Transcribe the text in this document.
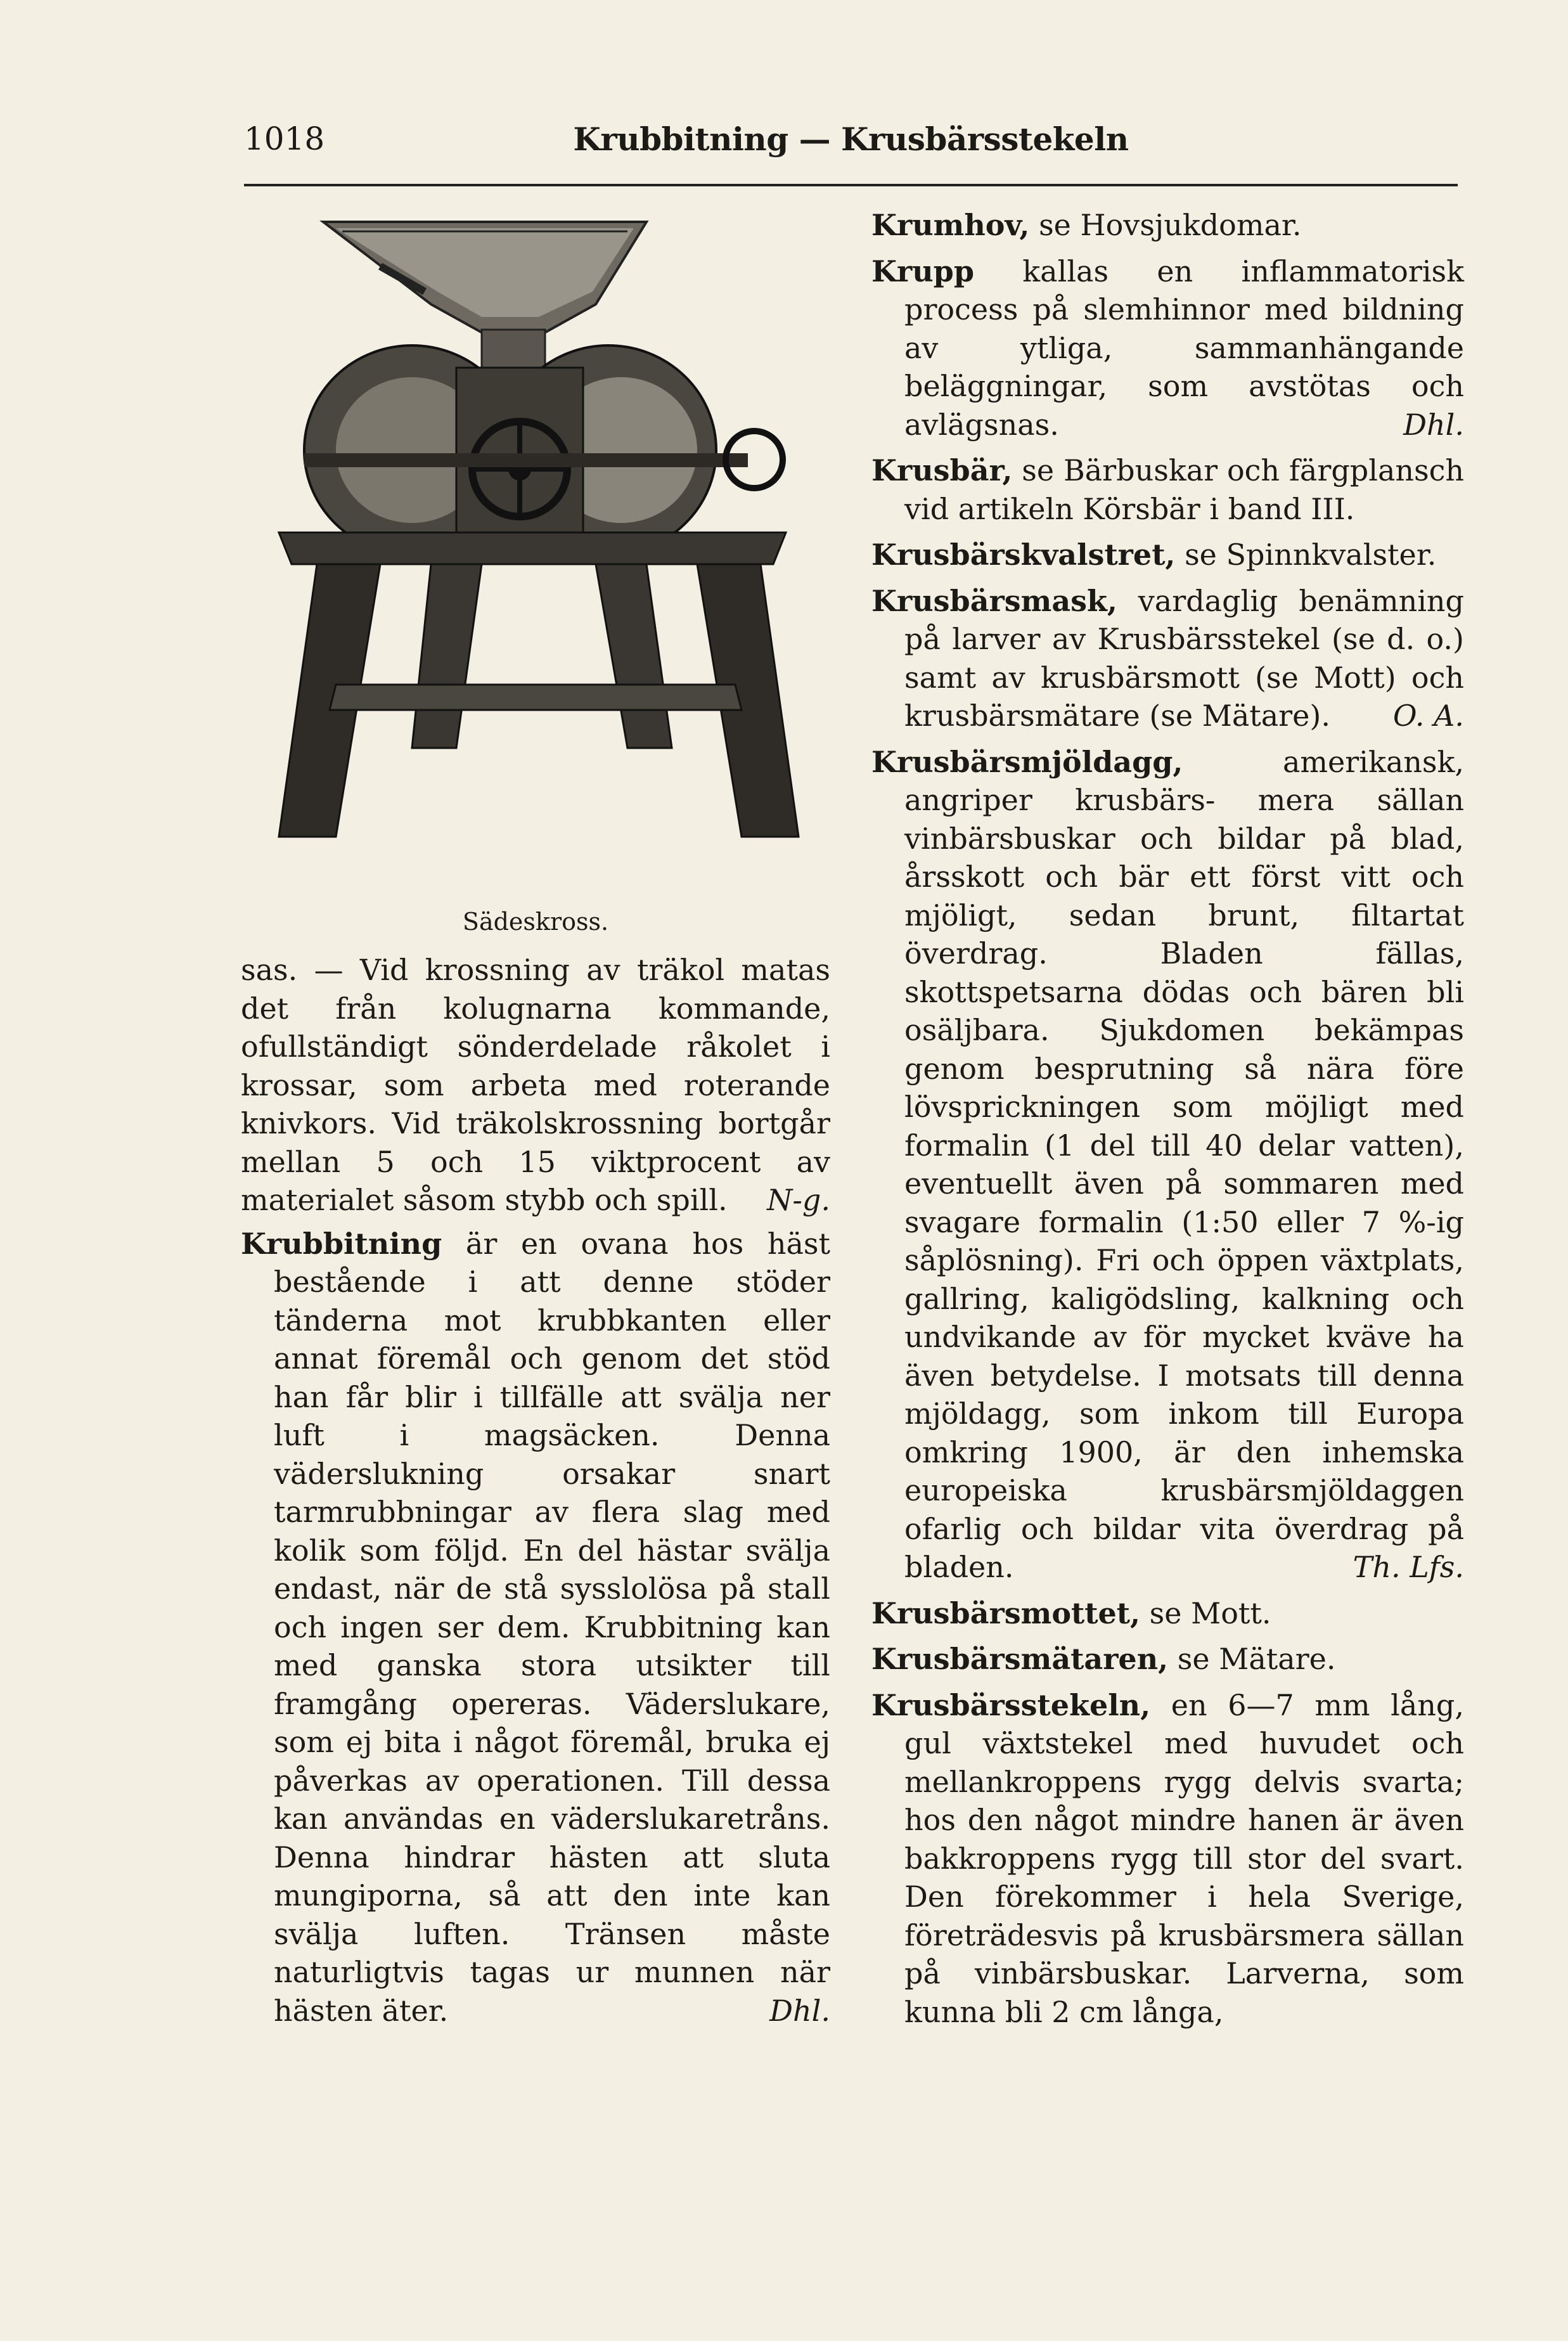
1018	Krubbitning — Krusbärsstekeln
Sädeskross.
sas. — Vid krossning av träkol matas det från kolugnarna kommande, ofullständigt sönderdelade råkolet i krossar, som arbeta med roterande knivkors. Vid träkolskrossning bortgår mellan 5 och 15 viktprocent av materialet såsom stybb och spill. N-g.
Krubbitning är en ovana hos häst bestående i att denne stöder tänderna mot krubbkanten eller annat föremål och genom det stöd han får blir i tillfälle att svälja ner luft i magsäcken. Denna väderslukning orsakar snart tarmrubbningar av flera slag med kolik som följd. En del hästar svälja endast, när de stå sysslolösa på stall och ingen ser dem. Krubbitning kan med ganska stora utsikter till framgång opereras. Väderslukare, som ej bita i något föremål, bruka ej påverkas av operationen. Till dessa kan användas en väderslukaretråns. Denna hindrar hästen att sluta mungiporna, så att den inte kan svälja luften. Tränsen måste naturligtvis tagas ur munnen när hästen äter.	Dhl.
Krumhov, se Hovsjukdomar.
Krupp kallas en inflammatorisk process på slemhinnor med bildning av ytliga, sammanhängande beläggningar, som avstötas och avlägsnas.	Dhl.
Krusbär, se Bärbuskar och färgplansch vid artikeln Körsbär i band III.
Krusbärskvalstret, se Spinnkvalster.
Krusbärsmask, vardaglig benämning på larver av Krusbärsstekel (se d. o.) samt av krusbärsmott (se Mott) och krusbärsmätare (se Mätare). O. A.
Krusbärsmjöldagg, amerikansk, angriper krusbärs- mera sällan vinbärsbuskar och bildar på blad, årsskott och bär ett först vitt och mjöligt, sedan brunt, filtartat överdrag. Bladen fällas, skottspetsarna dödas och bären bli osäljbara. Sjukdomen bekämpas genom besprutning så nära före lövsprickningen som möjligt med formalin (1 del till 40 delar vatten), eventuellt även på sommaren med svagare formalin (1:50 eller 7 %-ig såplösning). Fri och öppen växtplats, gallring, kaligödsling, kalkning och undvikande av för mycket kväve ha även betydelse. I motsats till denna mjöldagg, som inkom till Europa omkring 1900, är den inhemska europeiska krusbärsmjöldaggen ofarlig och bildar vita överdrag på bladen.	Th. Lfs.
Krusbärsmottet, se Mott.
Krusbärsmätaren, se Mätare.
Krusbärsstekeln, en 6—7 mm lång, gul växtstekel med huvudet och mellankroppens rygg delvis svarta; hos den något mindre hanen är även bakkroppens rygg till stor del svart. Den förekommer i hela Sverige, företrädesvis på krusbärsmera sällan på vinbärsbuskar. Larverna, som kunna bli 2 cm långa,
